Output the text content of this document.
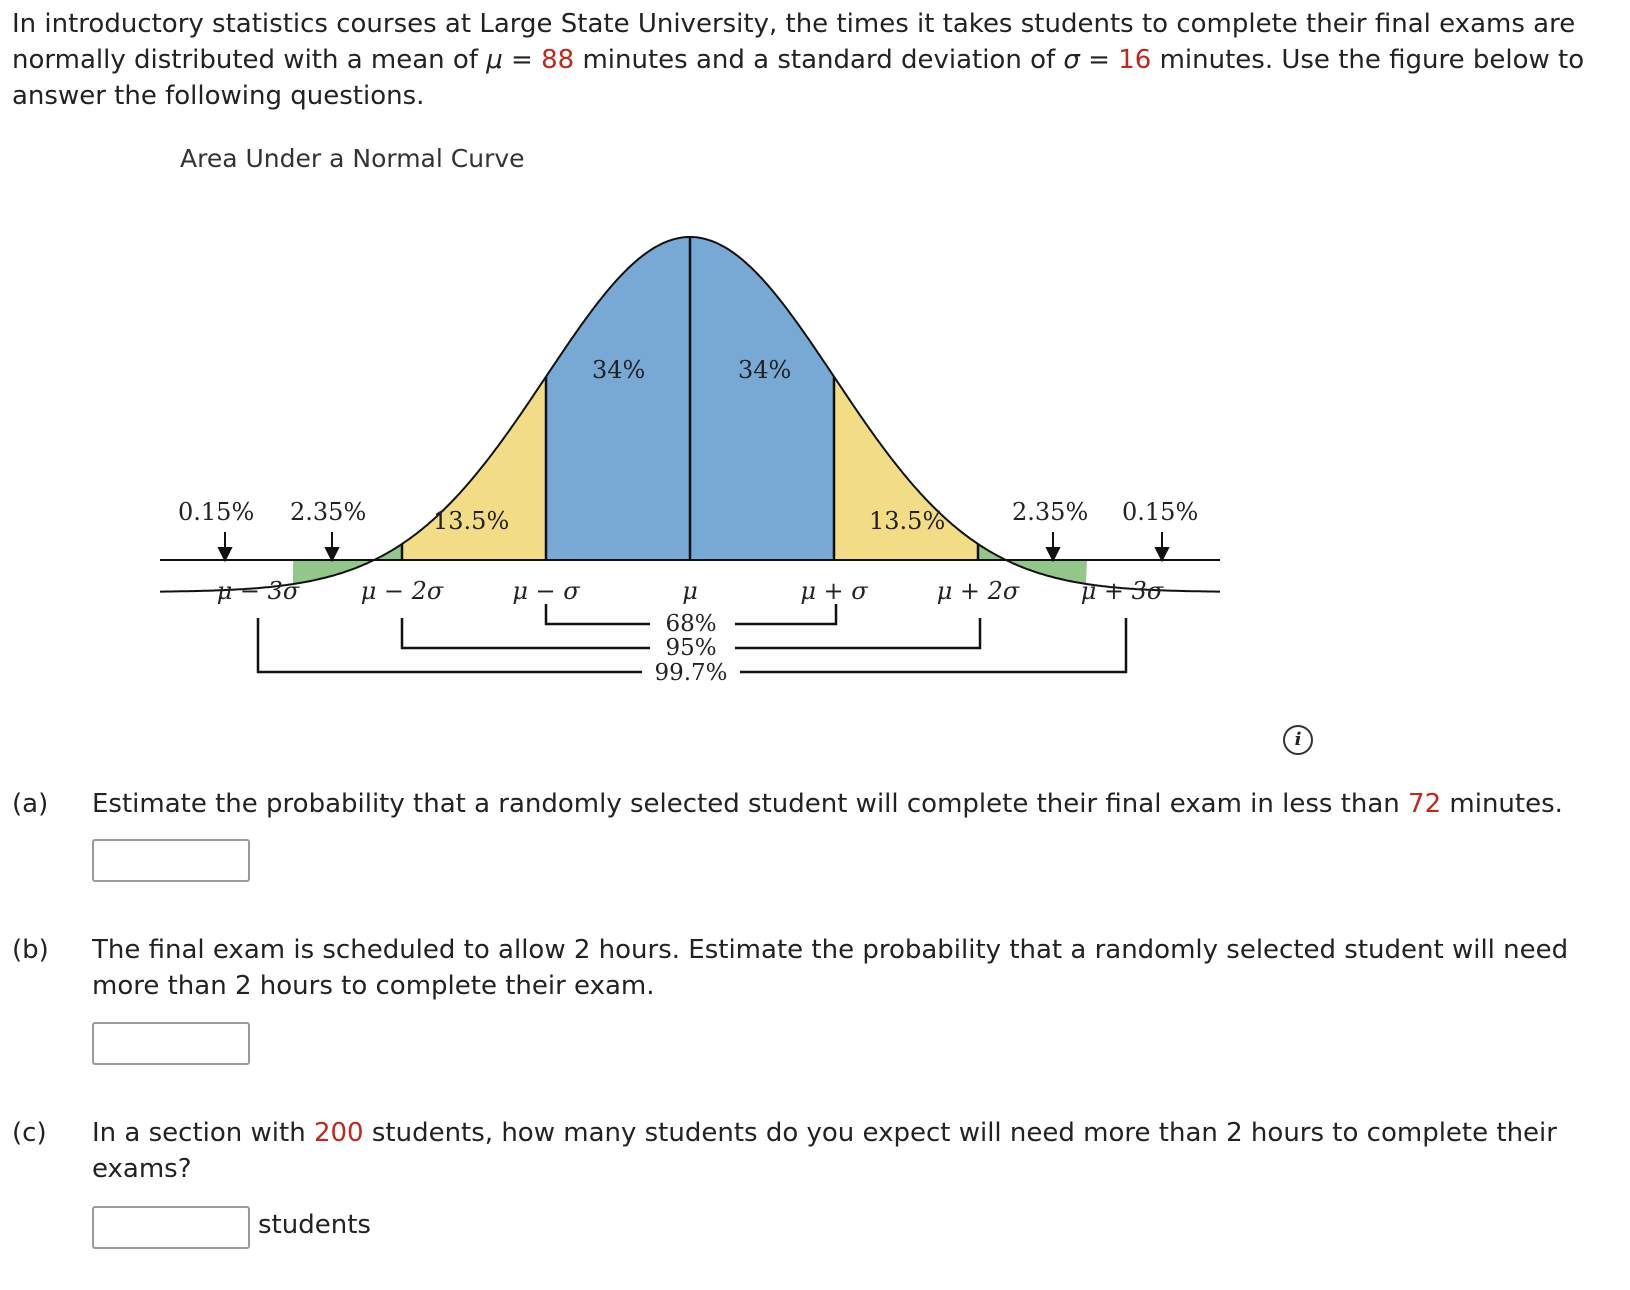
In introductory statistics courses at Large State University, the times it takes students to complete their final exams are normally distributed with a mean of μ = 88 minutes and a standard deviation of σ = 16 minutes. Use the figure below to answer the following questions.
Area Under a Normal Curve
0.15% 2.35%	13.5%
34%	34%
13.5%	2.35% 0.15%
μ − 3σ	μ − 2σ	μ − σ	μ	μ + σ	μ + 2σ	μ + 3σ
68%
95%
99.7%
i
(a) Estimate the probability that a randomly selected student will complete their final exam in less than 72 minutes.
(b) The final exam is scheduled to allow 2 hours. Estimate the probability that a randomly selected student will need more than 2 hours to complete their exam.
(c) In a section with 200 students, how many students do you expect will need more than 2 hours to complete their exams?
students
